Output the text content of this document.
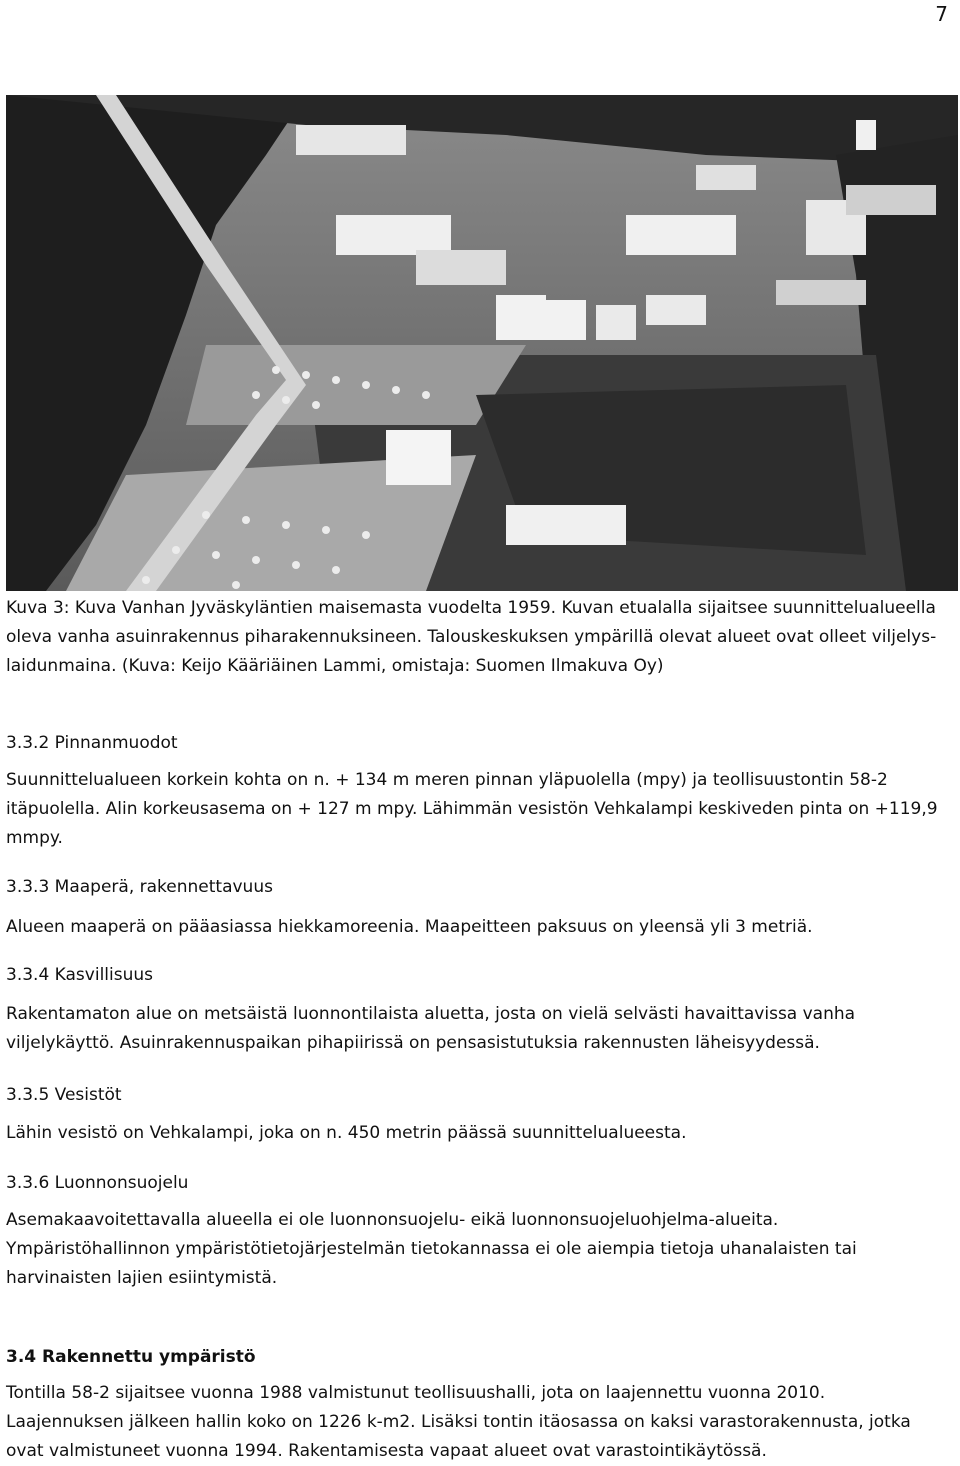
7

Kuva 3: Kuva Vanhan Jyväskyläntien maisemasta vuodelta 1959. Kuvan etualalla sijaitsee suunnittelualueella oleva vanha asuinrakennus piharakennuksineen. Talouskeskuksen ympärillä olevat alueet ovat olleet viljelys- laidunmaina. (Kuva: Keijo Kääriäinen Lammi, omistaja: Suomen Ilmakuva Oy)

3.3.2 Pinnanmuodot

Suunnittelualueen korkein kohta on n. + 134 m meren pinnan yläpuolella (mpy) ja teollisuustontin 58-2 itäpuolella. Alin korkeusasema on + 127 m mpy. Lähimmän vesistön Vehkalampi keskiveden pinta on +119,9 mmpy.

3.3.3 Maaperä, rakennettavuus

Alueen maaperä on pääasiassa hiekkamoreenia. Maapeitteen paksuus on yleensä yli 3 metriä.

3.3.4 Kasvillisuus

Rakentamaton alue on metsäistä luonnontilaista aluetta, josta on vielä selvästi havaittavissa vanha viljelykäyttö. Asuinrakennuspaikan pihapiirissä on pensasistutuksia rakennusten läheisyydessä.

3.3.5 Vesistöt

Lähin vesistö on Vehkalampi, joka on n. 450 metrin päässä suunnittelualueesta.

3.3.6 Luonnonsuojelu

Asemakaavoitettavalla alueella ei ole luonnonsuojelu- eikä luonnonsuojeluohjelma-alueita. Ympäristöhallinnon ympäristötietojärjestelmän tietokannassa ei ole aiempia tietoja uhanalaisten tai harvinaisten lajien esiintymistä.

3.4 Rakennettu ympäristö

Tontilla 58-2 sijaitsee vuonna 1988 valmistunut teollisuushalli, jota on laajennettu vuonna 2010. Laajennuksen jälkeen hallin koko on 1226 k-m2. Lisäksi tontin itäosassa on kaksi varastorakennusta, jotka ovat valmistuneet vuonna 1994. Rakentamisesta vapaat alueet ovat varastointikäytössä.
